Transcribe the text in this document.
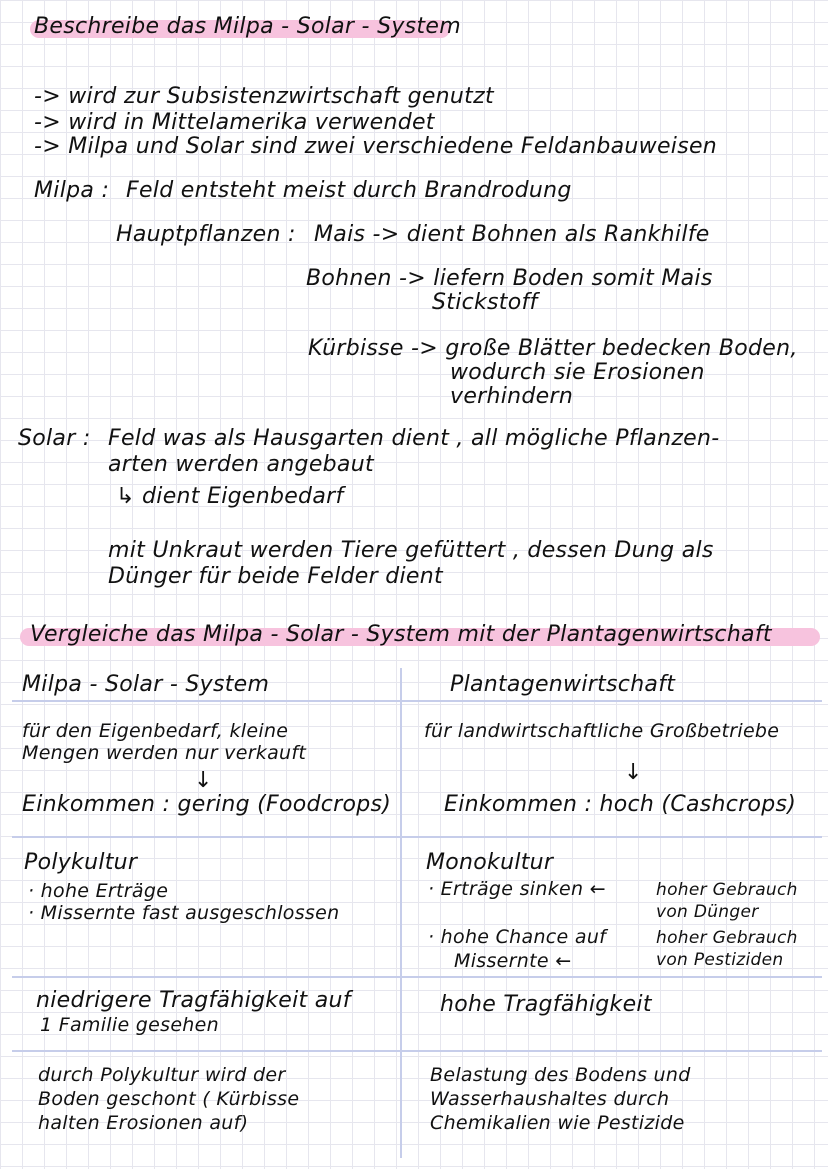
Beschreibe das Milpa - Solar - System
-> wird zur Subsistenzwirtschaft genutzt
-> wird in Mittelamerika verwendet
-> Milpa und Solar sind zwei verschiedene Feldanbauweisen
Milpa : Feld entsteht meist durch Brandrodung
Hauptpflanzen : Mais -> dient Bohnen als Rankhilfe
Bohnen -> liefern Boden somit Mais
Stickstoff
Kürbisse -> große Blätter bedecken Boden,
wodurch sie Erosionen
verhindern
Solar : Feld was als Hausgarten dient , all mögliche Pflanzen-
arten werden angebaut
↳ dient Eigenbedarf
mit Unkraut werden Tiere gefüttert , dessen Dung als
Dünger für beide Felder dient
Vergleiche das Milpa - Solar - System mit der Plantagenwirtschaft
Milpa - Solar - System	Plantagenwirtschaft
für den Eigenbedarf, kleine
Mengen werden nur verkauft
↓
Einkommen : gering (Foodcrops)
für landwirtschaftliche Großbetriebe
↓
Einkommen : hoch (Cashcrops)
Polykultur
· hohe Erträge
· Missernte fast ausgeschlossen
Monokultur
· Erträge sinken ←	hoher Gebrauch
von Dünger
· hohe Chance auf
Missernte ←
hoher Gebrauch
von Pestiziden
niedrigere Tragfähigkeit auf
1 Familie gesehen
hohe Tragfähigkeit
durch Polykultur wird der
Boden geschont ( Kürbisse
halten Erosionen auf)
Belastung des Bodens und
Wasserhaushaltes durch
Chemikalien wie Pestizide
